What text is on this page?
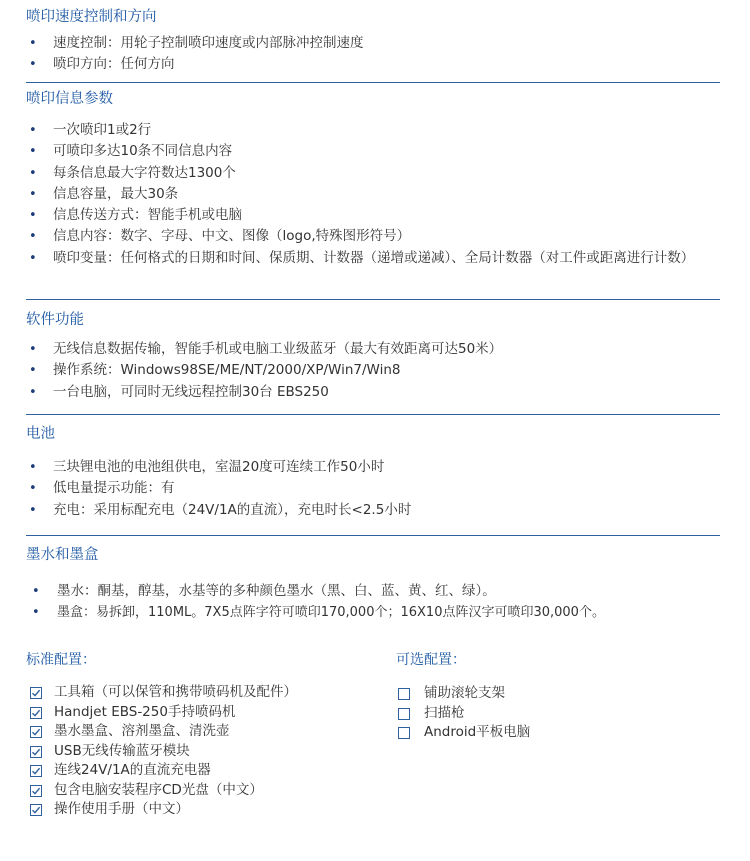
喷印速度控制和方向
• 速度控制：用轮子控制喷印速度或内部脉冲控制速度
• 喷印方向：任何方向
喷印信息参数
• 一次喷印1或2行
• 可喷印多达10条不同信息内容
• 每条信息最大字符数达1300个
• 信息容量，最大30条
• 信息传送方式：智能手机或电脑
• 信息内容：数字、字母、中文、图像（logo,特殊图形符号）
• 喷印变量：任何格式的日期和时间、保质期、计数器（递增或递减）、全局计数器（对工件或距离进行计数）
软件功能
• 无线信息数据传输，智能手机或电脑工业级蓝牙（最大有效距离可达50米）
• 操作系统：Windows98SE/ME/NT/2000/XP/Win7/Win8
• 一台电脑，可同时无线远程控制30台 EBS250
电池
• 三块锂电池的电池组供电，室温20度可连续工作50小时
• 低电量提示功能：有
• 充电：采用标配充电（24V/1A的直流），充电时长<2.5小时
墨水和墨盒
• 墨水：酮基，醇基，水基等的多种颜色墨水（黑、白、蓝、黄、红、绿）。
• 墨盒：易拆卸，110ML。7X5点阵字符可喷印170,000个；16X10点阵汉字可喷印30,000个。
标准配置：
工具箱（可以保管和携带喷码机及配件）
Handjet EBS-250手持喷码机
墨水墨盒、溶剂墨盒、清洗壶
USB无线传输蓝牙模块
连线24V/1A的直流充电器
包含电脑安装程序CD光盘（中文）
操作使用手册（中文）
可选配置：
铺助滚轮支架
扫描枪
Android平板电脑
